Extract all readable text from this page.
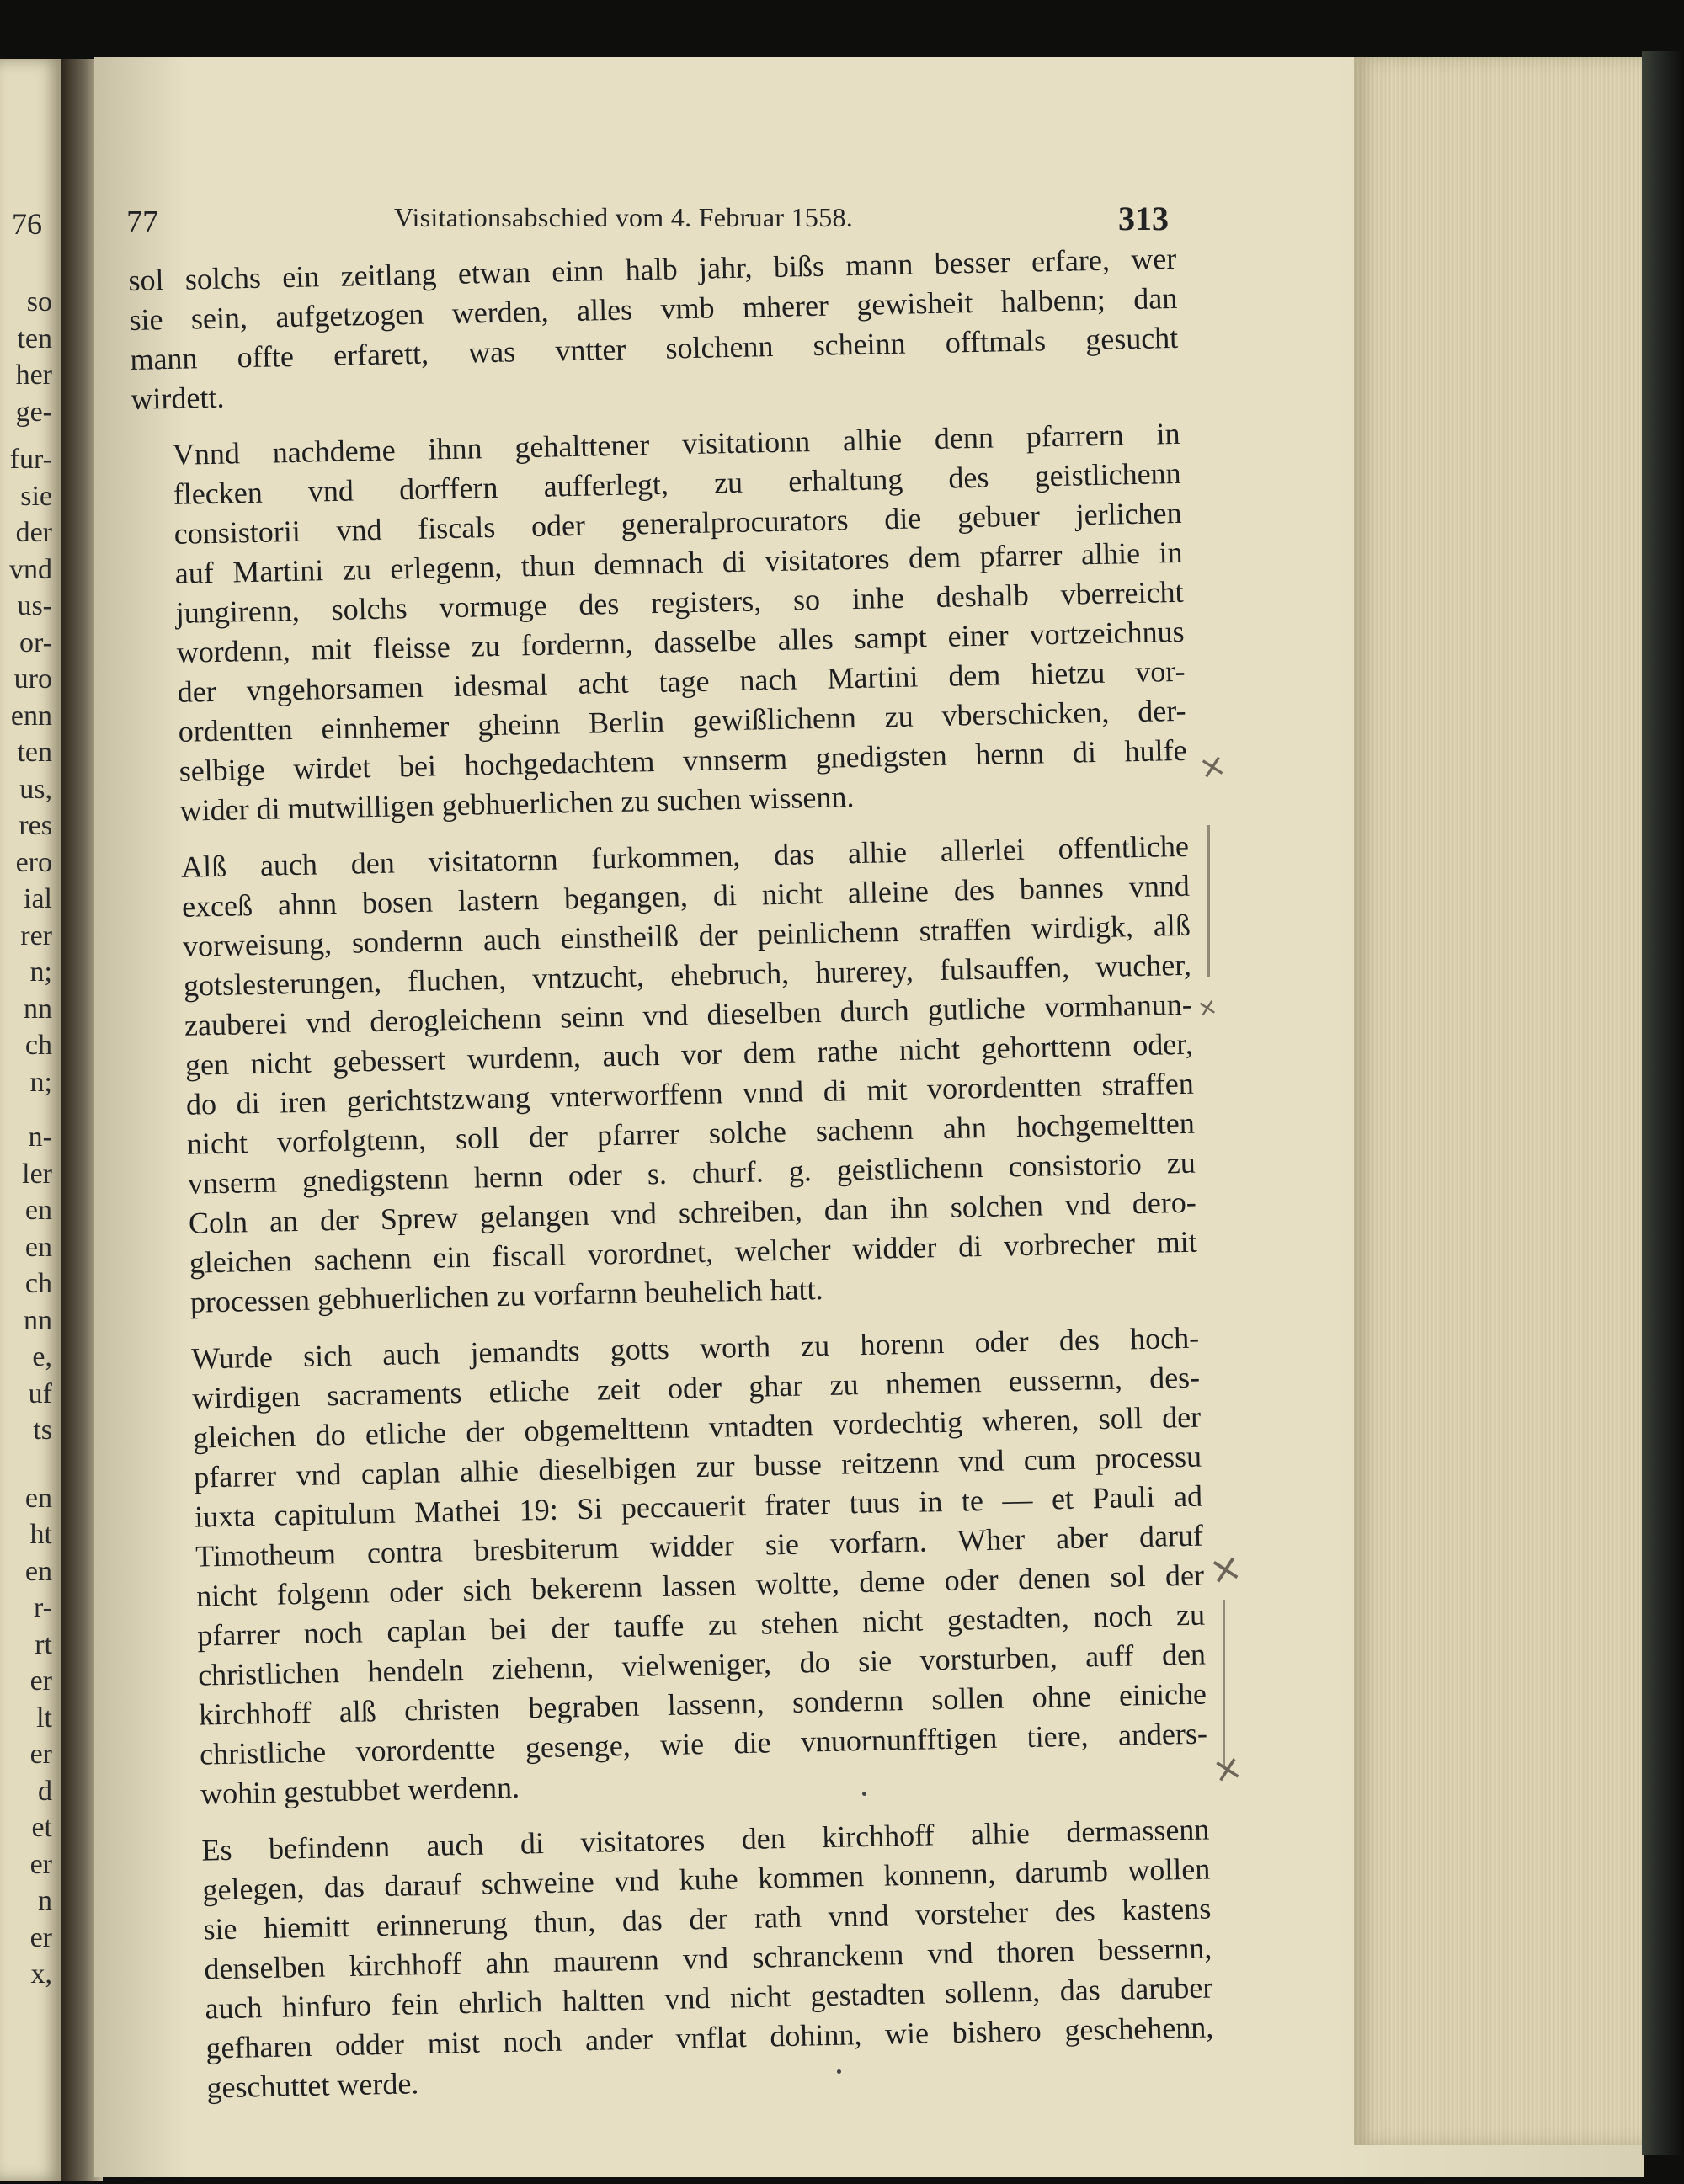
76
so
ten
her
ge-
fur-
sie
der
vnd
us-
or-
uro
enn
ten
us,
res
ero
ial
rer
n;
nn
ch
n;
n-
ler
en
en
ch
nn
e,
uf
ts
en
ht
en
r-
rt
er
lt
er
d
et
er
n
er
x,
77	Visitationsabschied vom 4. Februar 1558.	313

sol solchs ein zeitlang etwan einn halb jahr, bißs mann besser erfare, wer
sie sein, aufgetzogen werden, alles vmb mherer gewisheit halbenn; dan
mann offte erfarett, was vntter solchenn scheinn offtmals gesucht
wirdett.

Vnnd nachdeme ihnn gehalttener visitationn alhie denn pfarrern in
flecken vnd dorffern aufferlegt, zu erhaltung des geistlichenn
consistorii vnd fiscals oder generalprocurators die gebuer jerlichen
auf Martini zu erlegenn, thun demnach di visitatores dem pfarrer alhie in
jungirenn, solchs vormuge des registers, so inhe deshalb vberreicht
wordenn, mit fleisse zu fordernn, dasselbe alles sampt einer vortzeichnus
der vngehorsamen idesmal acht tage nach Martini dem hietzu vor-
ordentten einnhemer gheinn Berlin gewißlichenn zu vberschicken, der-
selbige wirdet bei hochgedachtem vnnserm gnedigsten hernn di hulfe
wider di mutwilligen gebhuerlichen zu suchen wissenn.

Alß auch den visitatornn furkommen, das alhie allerlei offentliche
exceß ahnn bosen lastern begangen, di nicht alleine des bannes vnnd
vorweisung, sondernn auch einstheilß der peinlichenn straffen wirdigk, alß
gotslesterungen, fluchen, vntzucht, ehebruch, hurerey, fulsauffen, wucher,
zauberei vnd derogleichenn seinn vnd dieselben durch gutliche vormhanun-
gen nicht gebessert wurdenn, auch vor dem rathe nicht gehorttenn oder,
do di iren gerichtstzwang vnterworffenn vnnd di mit vorordentten straffen
nicht vorfolgtenn, soll der pfarrer solche sachenn ahn hochgemeltten
vnserm gnedigstenn hernn oder s. churf. g. geistlichenn consistorio zu
Coln an der Sprew gelangen vnd schreiben, dan ihn solchen vnd dero-
gleichen sachenn ein fiscall vorordnet, welcher widder di vorbrecher mit
processen gebhuerlichen zu vorfarnn beuhelich hatt.

Wurde sich auch jemandts gotts worth zu horenn oder des hoch-
wirdigen sacraments etliche zeit oder ghar zu nhemen eussernn, des-
gleichen do etliche der obgemelttenn vntadten vordechtig wheren, soll der
pfarrer vnd caplan alhie dieselbigen zur busse reitzenn vnd cum processu
iuxta capitulum Mathei 19: Si peccauerit frater tuus in te — et Pauli ad
Timotheum contra bresbiterum widder sie vorfarn. Wher aber daruf
nicht folgenn oder sich bekerenn lassen woltte, deme oder denen sol der
pfarrer noch caplan bei der tauffe zu stehen nicht gestadten, noch zu
christlichen hendeln ziehenn, vielweniger, do sie vorsturben, auff den
kirchhoff alß christen begraben lassenn, sondernn sollen ohne einiche
christliche vorordentte gesenge, wie die vnuornunfftigen tiere, anders-
wohin gestubbet werdenn.

Es befindenn auch di visitatores den kirchhoff alhie dermassenn
gelegen, das darauf schweine vnd kuhe kommen konnenn, darumb wollen
sie hiemitt erinnerung thun, das der rath vnnd vorsteher des kastens
denselben kirchhoff ahn maurenn vnd schranckenn vnd thoren bessernn,
auch hinfuro fein ehrlich haltten vnd nicht gestadten sollenn, das daruber
gefharen odder mist noch ander vnflat dohinn, wie bishero geschehenn,
geschuttet werde.

×
×
×
×
